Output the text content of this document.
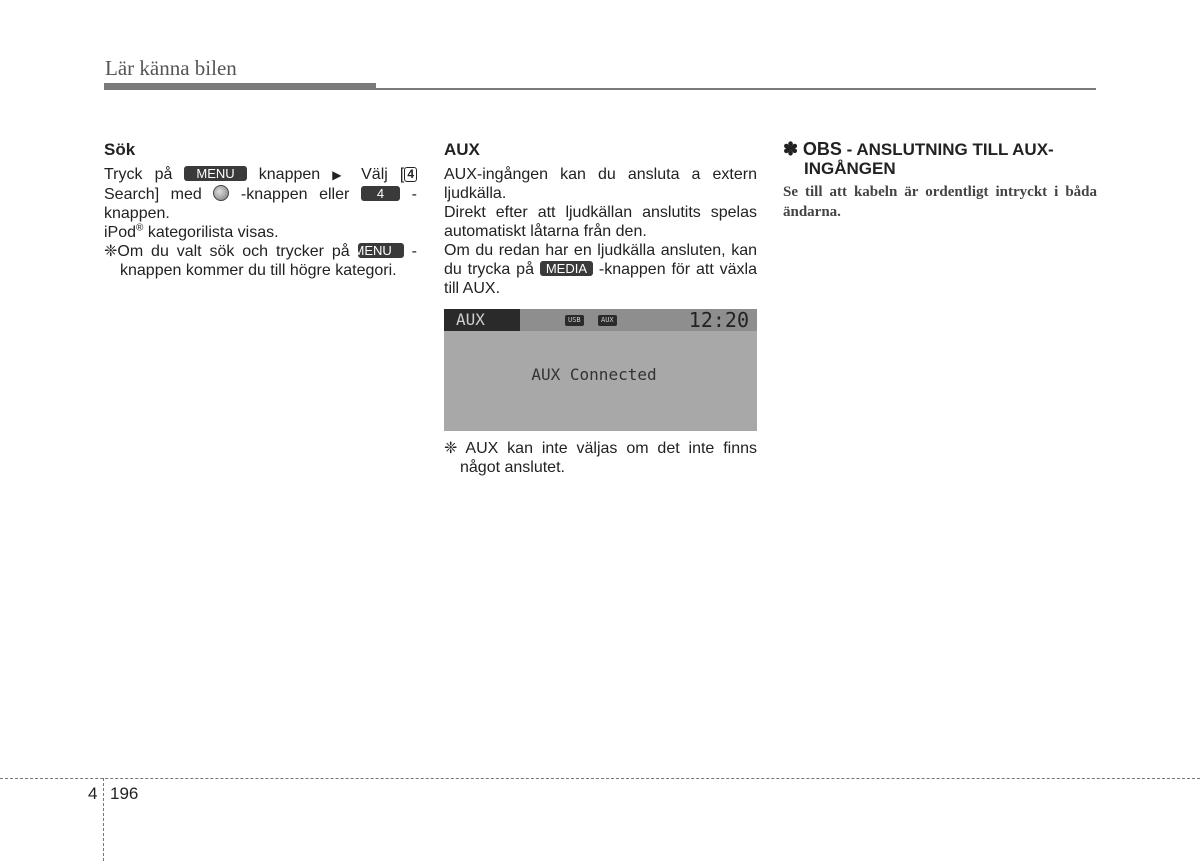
Lär känna bilen
Sök

Tryck på MENU knappen ▶ Välj [ 4

Search] med -knappen eller 4 -

knappen.

iPod® kategorilista visas.

❈Om du valt sök och trycker på MENU -knappen kommer du till högre kategori.
AUX

AUX-ingången kan du ansluta a extern ljudkälla.

Direkt efter att ljudkällan anslutits spelas automatiskt låtarna från den.

Om du redan har en ljudkälla ansluten, kan du trycka på MEDIA -knappen för att växla till AUX.

AUX	USB	AUX	12:20
AUX Connected
❈ AUX kan inte väljas om det inte finns något anslutet.
✽ OBS - ANSLUTNING TILL AUX-INGÅNGEN
Se till att kabeln är ordentligt intryckt i båda ändarna.
4 196
